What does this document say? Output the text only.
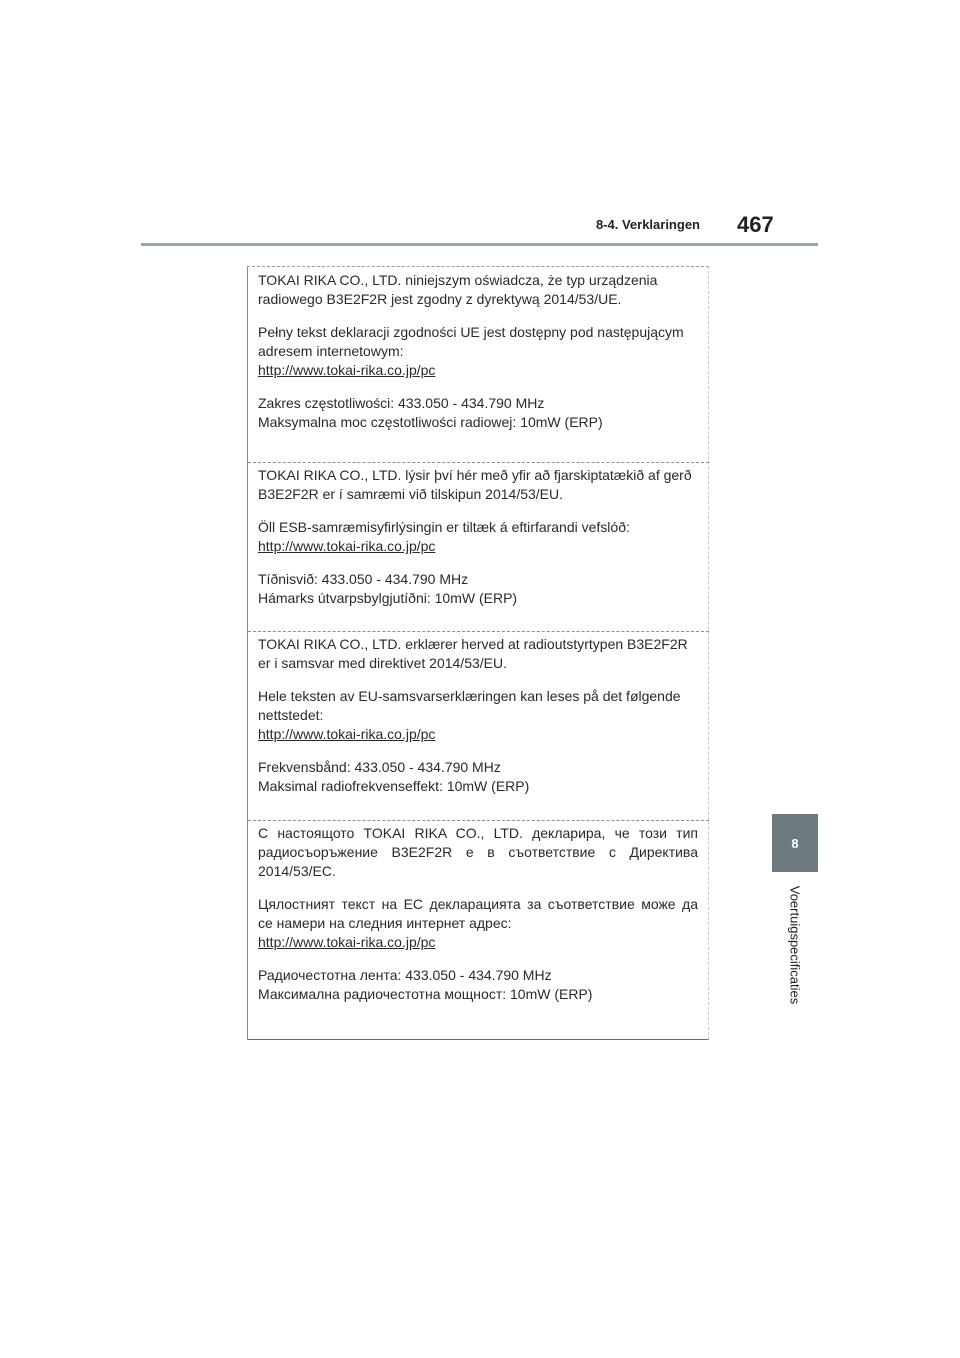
8-4. Verklaringen 467
8
Voertuigspecificaties
TOKAI RIKA CO., LTD. niniejszym oświadcza, że typ urządzenia
radiowego B3E2F2R jest zgodny z dyrektywą 2014/53/UE.
Pełny tekst deklaracji zgodności UE jest dostępny pod następującym
adresem internetowym:
http://www.tokai-rika.co.jp/pc
Zakres częstotliwości: 433.050 - 434.790 MHz
Maksymalna moc częstotliwości radiowej: 10mW (ERP)
TOKAI RIKA CO., LTD. lýsir því hér með yfir að fjarskiptatækið af gerð
B3E2F2R er í samræmi við tilskipun 2014/53/EU.
Öll ESB-samræmisyfirlýsingin er tiltæk á eftirfarandi vefslóð:
http://www.tokai-rika.co.jp/pc
Tíðnisvið: 433.050 - 434.790 MHz
Hámarks útvarpsbylgjutíðni: 10mW (ERP)
TOKAI RIKA CO., LTD. erklærer herved at radioutstyrtypen B3E2F2R
er i samsvar med direktivet 2014/53/EU.
Hele teksten av EU-samsvarserklæringen kan leses på det følgende
nettstedet:
http://www.tokai-rika.co.jp/pc
Frekvensbånd: 433.050 - 434.790 MHz
Maksimal radiofrekvenseffekt: 10mW (ERP)
С настоящото TOKAI RIKA CO., LTD. декларира, че този тип
радиосъоръжение B3E2F2R е в съответствие с Директива
2014/53/ЕС.
Цялостният текст на ЕС декларацията за съответствие може да
се намери на следния интернет адрес:
http://www.tokai-rika.co.jp/pc
Радиочестотна лента: 433.050 - 434.790 MHz
Максимална радиочестотна мощност: 10mW (ERP)
